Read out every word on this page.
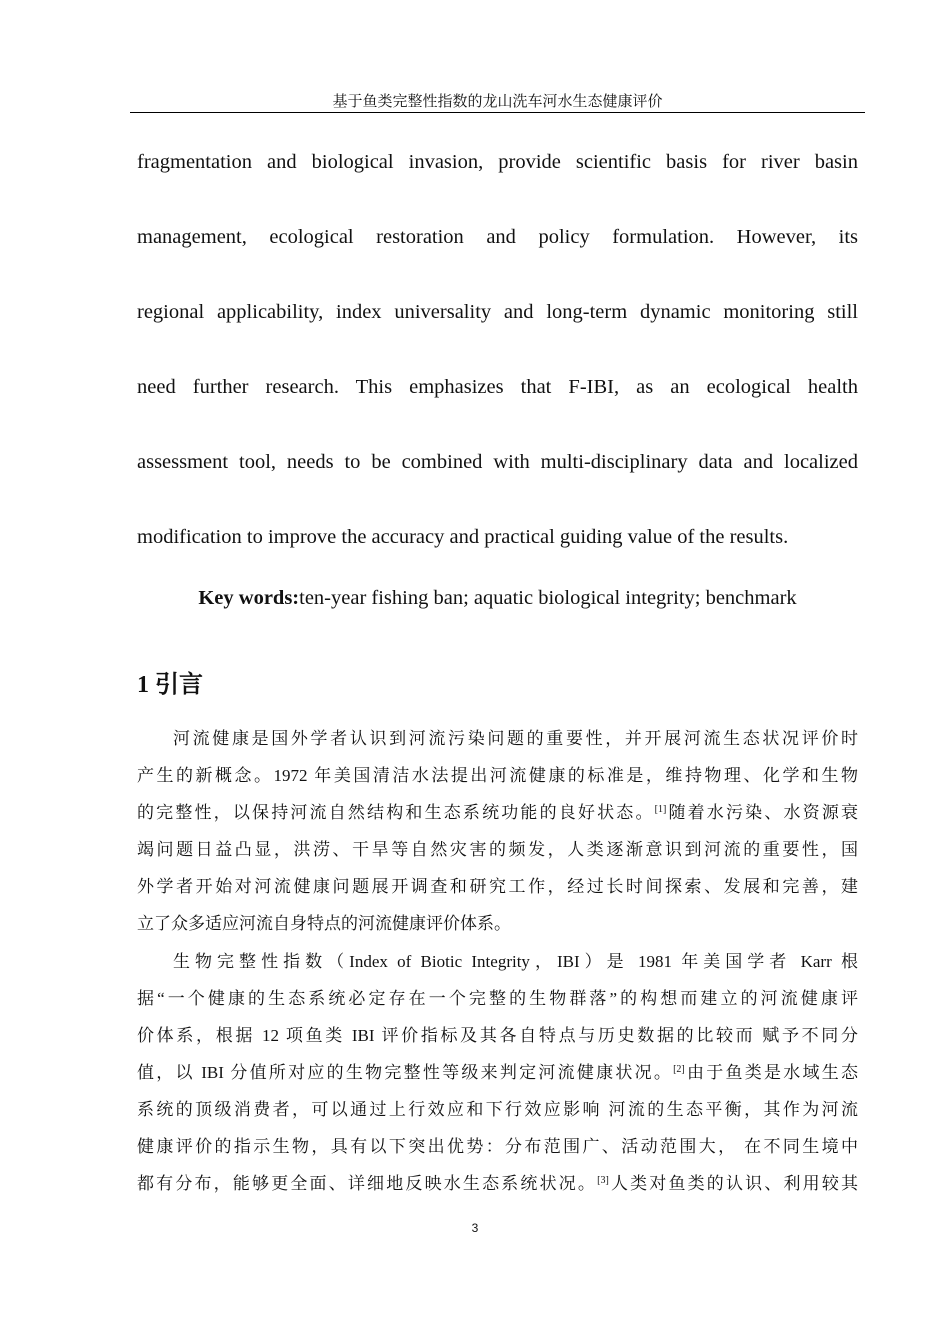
基于鱼类完整性指数的龙山洗车河水生态健康评价
fragmentation and biological invasion, provide scientific basis for river basin
management, ecological restoration and policy formulation. However, its
regional applicability, index universality and long-term dynamic monitoring still
need further research. This emphasizes that F-IBI, as an ecological health
assessment tool, needs to be combined with multi-disciplinary data and localized
modification to improve the accuracy and practical guiding value of the results.
Key words:ten-year fishing ban; aquatic biological integrity; benchmark
1 引言
河流健康是国外学者认识到河流污染问题的重要性，并开展河流生态状况评价时
产生的新概念。1972 年美国清洁水法提出河流健康的标准是，维持物理、化学和生物
的完整性，以保持河流自然结构和生态系统功能的良好状态。[1]随着水污染、水资源衰
竭问题日益凸显，洪涝、干旱等自然灾害的频发，人类逐渐意识到河流的重要性，国
外学者开始对河流健康问题展开调查和研究工作，经过长时间探索、发展和完善，建
立了众多适应河流自身特点的河流健康评价体系。
生物完整性指数（Index of Biotic Integrity，IBI）是 1981 年美国学者 Karr 根
据“一个健康的生态系统必定存在一个完整的生物群落”的构想而建立的河流健康评
价体系，根据 12 项鱼类 IBI 评价指标及其各自特点与历史数据的比较而 赋予不同分
值，以 IBI 分值所对应的生物完整性等级来判定河流健康状况。[2]由于鱼类是水域生态
系统的顶级消费者，可以通过上行效应和下行效应影响 河流的生态平衡，其作为河流
健康评价的指示生物，具有以下突出优势：分布范围广、活动范围大， 在不同生境中
都有分布，能够更全面、详细地反映水生态系统状况。[3]人类对鱼类的认识、利用较其
3
